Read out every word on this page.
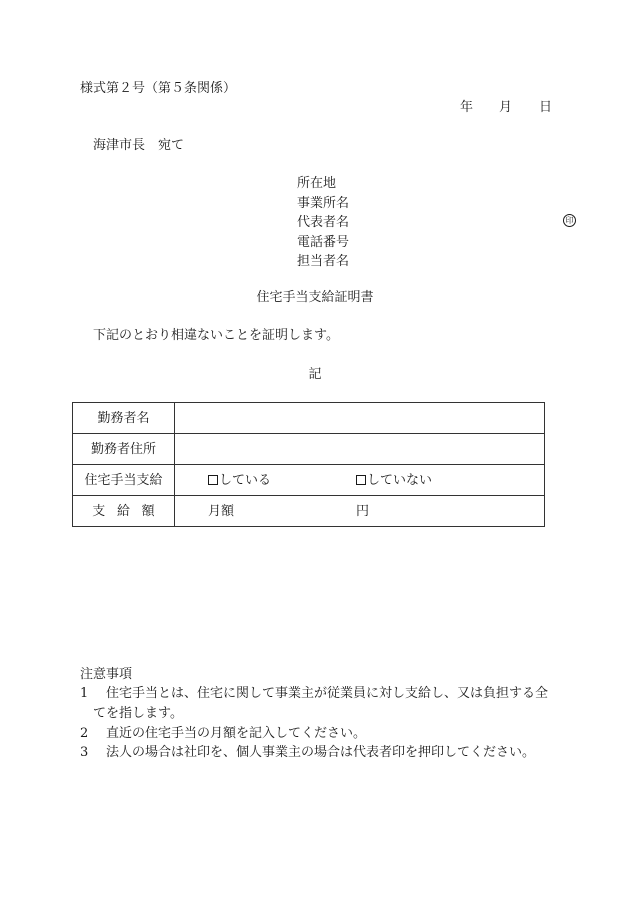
様式第２号（第５条関係）
年 月 日
海津市長　宛て
所在地
事業所名
代表者名	印
電話番号
担当者名
住宅手当支給証明書
下記のとおり相違ないことを証明します。
記
勤務者名	
勤務者住所	
住宅手当支給	している していない

支給額	月額 円
注意事項
1 住宅手当とは、住宅に関して事業主が従業員に対し支給し、又は負担する全
てを指します。
2 直近の住宅手当の月額を記入してください。
3 法人の場合は社印を、個人事業主の場合は代表者印を押印してください。
